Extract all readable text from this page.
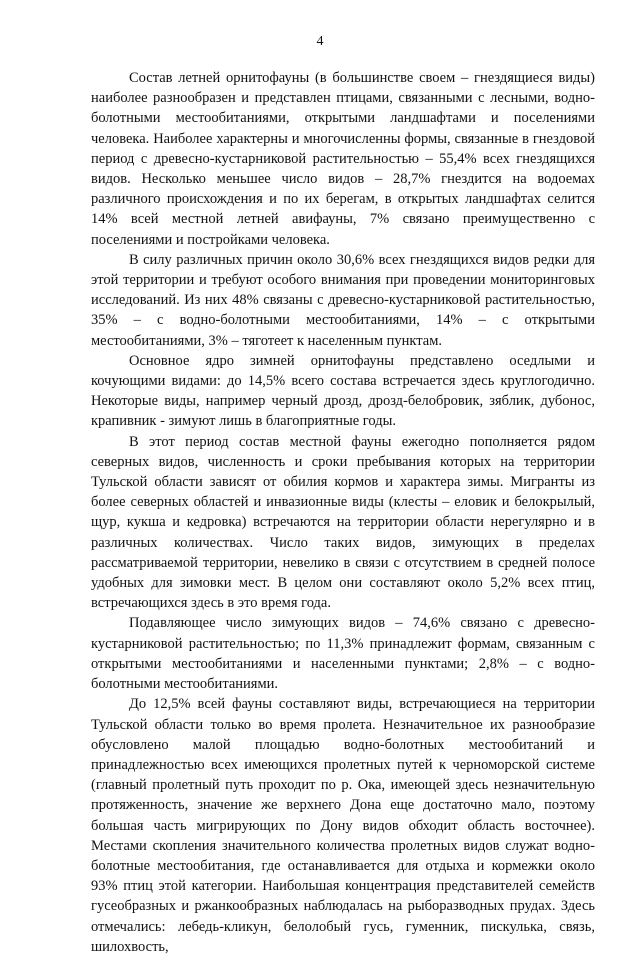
4

Состав летней орнитофауны (в большинстве своем – гнездящиеся виды) наиболее разнообразен и представлен птицами, связанными с лесными, водно-болотными местообитаниями, открытыми ландшафтами и поселениями человека. Наиболее характерны и многочисленны формы, связанные в гнездовой период с древесно-кустарниковой растительностью – 55,4% всех гнездящихся видов. Несколько меньшее число видов – 28,7% гнездится на водоемах различного происхождения и по их берегам, в открытых ландшафтах селится 14% всей местной летней авифауны, 7% связано преимущественно с поселениями и постройками человека.

В силу различных причин около 30,6% всех гнездящихся видов редки для этой территории и требуют особого внимания при проведении мониторинговых исследований. Из них 48% связаны с древесно-кустарниковой растительностью, 35% – с водно-болотными местообитаниями, 14% – с открытыми местообитаниями, 3% – тяготеет к населенным пунктам.

Основное ядро зимней орнитофауны представлено оседлыми и кочующими видами: до 14,5% всего состава встречается здесь круглогодично. Некоторые виды, например черный дрозд, дрозд-белобровик, зяблик, дубонос, крапивник - зимуют лишь в благоприятные годы.

В этот период состав местной фауны ежегодно пополняется рядом северных видов, численность и сроки пребывания которых на территории Тульской области зависят от обилия кормов и характера зимы. Мигранты из более северных областей и инвазионные виды (клесты – еловик и белокрылый, щур, кукша и кедровка) встречаются на территории области нерегулярно и в различных количествах. Число таких видов, зимующих в пределах рассматриваемой территории, невелико в связи с отсутствием в средней полосе удобных для зимовки мест. В целом они составляют около 5,2% всех птиц, встречающихся здесь в это время года.

Подавляющее число зимующих видов – 74,6% связано с древесно-кустарниковой растительностью; по 11,3% принадлежит формам, связанным с открытыми местообитаниями и населенными пунктами; 2,8% – с водно-болотными местообитаниями.

До 12,5% всей фауны составляют виды, встречающиеся на территории Тульской области только во время пролета. Незначительное их разнообразие обусловлено малой площадью водно-болотных местообитаний и принадлежностью всех имеющихся пролетных путей к черноморской системе (главный пролетный путь проходит по р. Ока, имеющей здесь незначительную протяженность, значение же верхнего Дона еще достаточно мало, поэтому большая часть мигрирующих по Дону видов обходит область восточнее). Местами скопления значительного количества пролетных видов служат водно-болотные местообитания, где останавливается для отдыха и кормежки около 93% птиц этой категории. Наибольшая концентрация представителей семейств гусеобразных и ржанкообразных наблюдалась на рыборазводных прудах. Здесь отмечались: лебедь-кликун, белолобый гусь, гуменник, пискулька, связь, шилохвость,
